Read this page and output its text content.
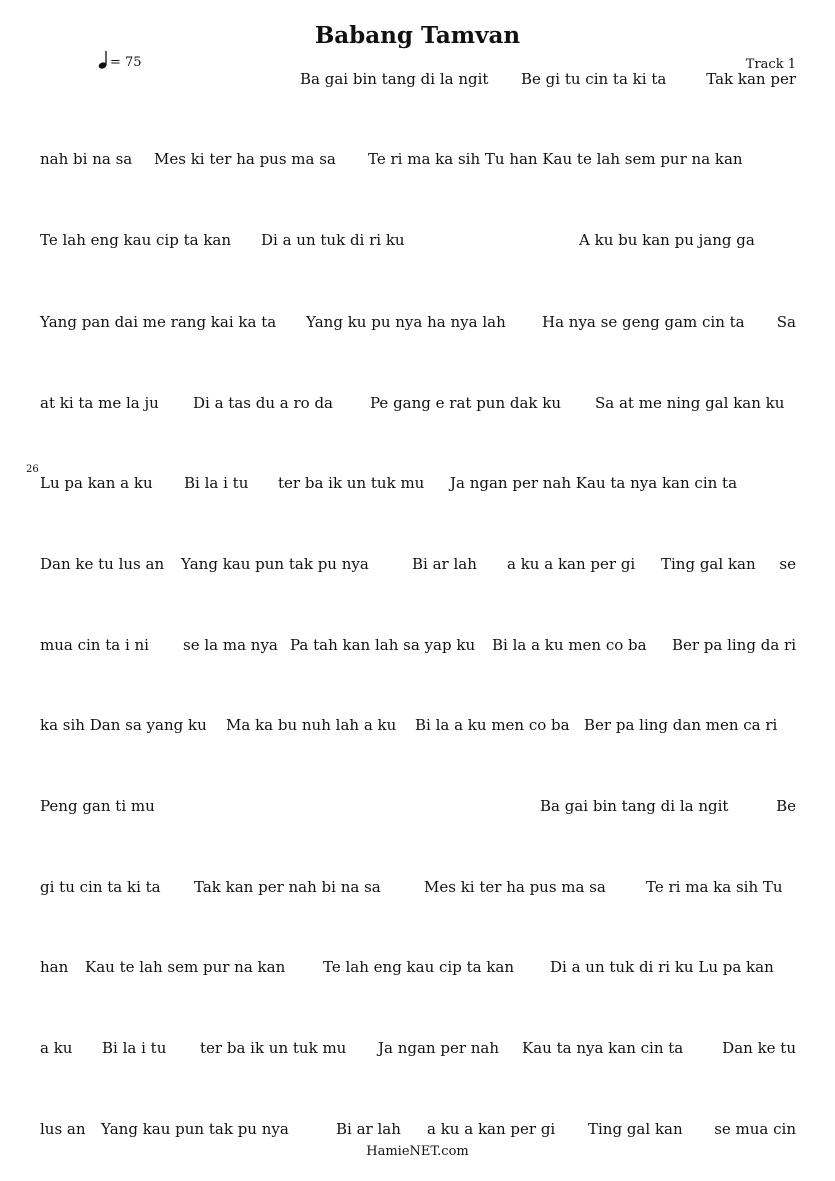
Babang Tamvan
= 75	Track 1
26
Ba gai bin tang di la ngit Be gi tu cin ta ki ta	Tak kan per
nah bi na sa Mes ki ter ha pus ma sa Te ri ma ka sih Tu han Kau te lah sem pur na kan
Te lah eng kau cip ta kan Di a un tuk di ri ku	A ku bu kan pu jang ga
Yang pan dai me rang kai ka ta Yang ku pu nya ha nya lah Ha nya se geng gam cin ta Sa
at ki ta me la ju Di a tas du a ro da Pe gang e rat pun dak ku Sa at me ning gal kan ku
Lu pa kan a ku Bi la i tu ter ba ik un tuk mu Ja ngan per nah Kau ta nya kan cin ta
Dan ke tu lus an Yang kau pun tak pu nya	Bi ar lah a ku a kan per gi Ting gal kan se
mua cin ta i ni se la ma nya Pa tah kan lah sa yap ku Bi la a ku men co ba Ber pa ling da ri
ka sih Dan sa yang ku Ma ka bu nuh lah a ku Bi la a ku men co ba Ber pa ling dan men ca ri
Peng gan ti mu	Ba gai bin tang di la ngit	Be
gi tu cin ta ki ta Tak kan per nah bi na sa	Mes ki ter ha pus ma sa	Te ri ma ka sih Tu
han Kau te lah sem pur na kan	Te lah eng kau cip ta kan Di a un tuk di ri ku Lu pa kan
a ku Bi la i tu ter ba ik un tuk mu Ja ngan per nah Kau ta nya kan cin ta	Dan ke tu
lus an Yang kau pun tak pu nya	Bi ar lah a ku a kan per gi Ting gal kan se mua cin
HamieNET.com
